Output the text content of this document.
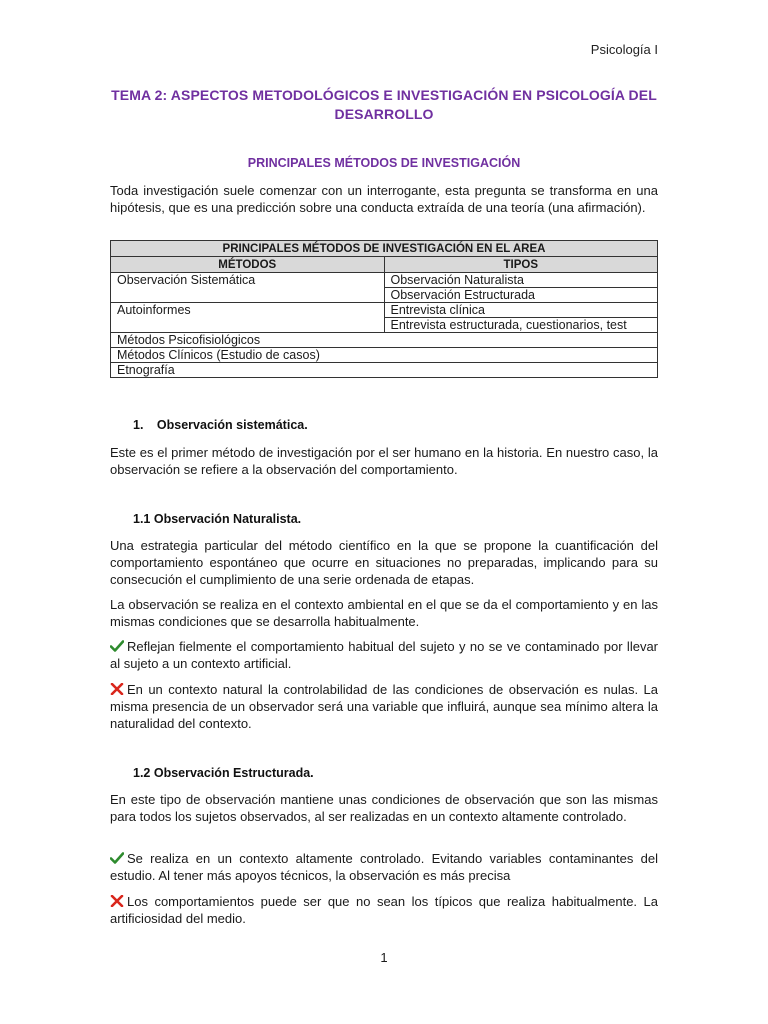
Psicología I
TEMA 2: ASPECTOS METODOLÓGICOS E INVESTIGACIÓN EN PSICOLOGÍA DEL
DESARROLLO
PRINCIPALES MÉTODOS DE INVESTIGACIÓN

Toda investigación suele comenzar con un interrogante, esta pregunta se transforma en una hipótesis, que es una predicción sobre una conducta extraída de una teoría (una afirmación).

PRINCIPALES MÉTODOS DE INVESTIGACIÓN EN EL AREA	
MÉTODOS	TIPOS
Observación Sistemática	Observación Naturalista
	Observación Estructurada
Autoinformes	Entrevista clínica
	Entrevista estructurada, cuestionarios, test
Métodos Psicofisiológicos	
Métodos Clínicos (Estudio de casos)	
Etnografía	
1. Observación sistemática.

Este es el primer método de investigación por el ser humano en la historia. En nuestro caso, la observación se refiere a la observación del comportamiento.

1.1 Observación Naturalista.

Una estrategia particular del método científico en la que se propone la cuantificación del comportamiento espontáneo que ocurre en situaciones no preparadas, implicando para su consecución el cumplimiento de una serie ordenada de etapas.

La observación se realiza en el contexto ambiental en el que se da el comportamiento y en las mismas condiciones que se desarrolla habitualmente.

Reflejan fielmente el comportamiento habitual del sujeto y no se ve contaminado por llevar al sujeto a un contexto artificial.

En un contexto natural la controlabilidad de las condiciones de observación es nulas. La misma presencia de un observador será una variable que influirá, aunque sea mínimo altera la naturalidad del contexto.

1.2 Observación Estructurada.

En este tipo de observación mantiene unas condiciones de observación que son las mismas para todos los sujetos observados, al ser realizadas en un contexto altamente controlado.

Se realiza en un contexto altamente controlado. Evitando variables contaminantes del estudio. Al tener más apoyos técnicos, la observación es más precisa

Los comportamientos puede ser que no sean los típicos que realiza habitualmente. La artificiosidad del medio.

1
